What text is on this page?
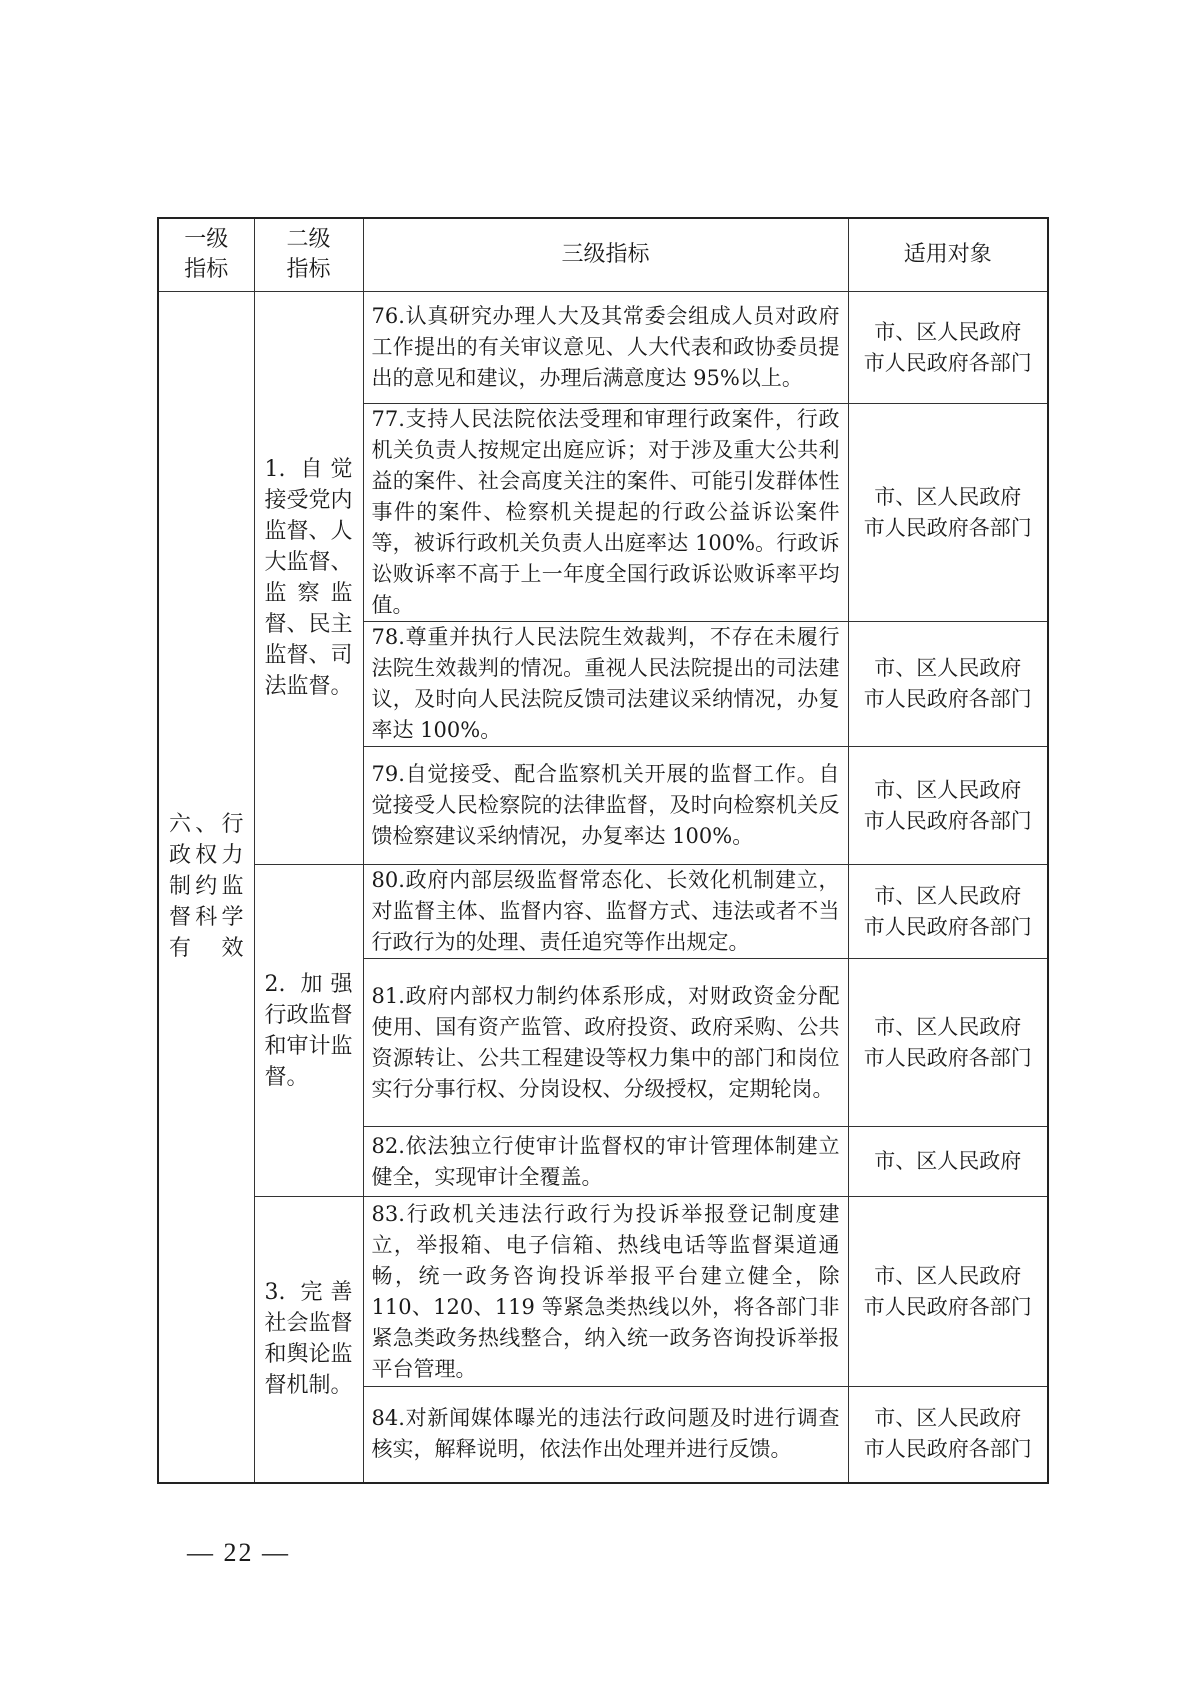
一级指标	二级指标	三级指标	适用对象
六、行政权力制约监督科学有效	1. 自觉接受党内监督、人大监督、监察监督、民主监督、司法监督。	76.认真研究办理人大及其常委会组成人员对政府工作提出的有关审议意见、人大代表和政协委员提出的意见和建议，办理后满意度达 95%以上。	市、区人民政府
市人民政府各部门

		77.支持人民法院依法受理和审理行政案件，行政机关负责人按规定出庭应诉；对于涉及重大公共利益的案件、社会高度关注的案件、可能引发群体性事件的案件、检察机关提起的行政公益诉讼案件等，被诉行政机关负责人出庭率达 100%。行政诉讼败诉率不高于上一年度全国行政诉讼败诉率平均值。	市、区人民政府
市人民政府各部门

		78.尊重并执行人民法院生效裁判，不存在未履行法院生效裁判的情况。重视人民法院提出的司法建议，及时向人民法院反馈司法建议采纳情况，办复率达 100%。	市、区人民政府
市人民政府各部门

		79.自觉接受、配合监察机关开展的监督工作。自觉接受人民检察院的法律监督，及时向检察机关反馈检察建议采纳情况，办复率达 100%。	市、区人民政府
市人民政府各部门

	2. 加强行政监督和审计监督。	80.政府内部层级监督常态化、长效化机制建立，对监督主体、监督内容、监督方式、违法或者不当行政行为的处理、责任追究等作出规定。	市、区人民政府
市人民政府各部门

		81.政府内部权力制约体系形成，对财政资金分配使用、国有资产监管、政府投资、政府采购、公共资源转让、公共工程建设等权力集中的部门和岗位实行分事行权、分岗设权、分级授权，定期轮岗。	市、区人民政府
市人民政府各部门

		82.依法独立行使审计监督权的审计管理体制建立健全，实现审计全覆盖。	市、区人民政府

	3. 完善社会监督和舆论监督机制。	83.行政机关违法行政行为投诉举报登记制度建立，举报箱、电子信箱、热线电话等监督渠道通畅，统一政务咨询投诉举报平台建立健全，除 110、120、119 等紧急类热线以外，将各部门非紧急类政务热线整合，纳入统一政务咨询投诉举报平台管理。	市、区人民政府
市人民政府各部门

		84.对新闻媒体曝光的违法行政问题及时进行调查核实，解释说明，依法作出处理并进行反馈。	市、区人民政府
市人民政府各部门
— 22 —
